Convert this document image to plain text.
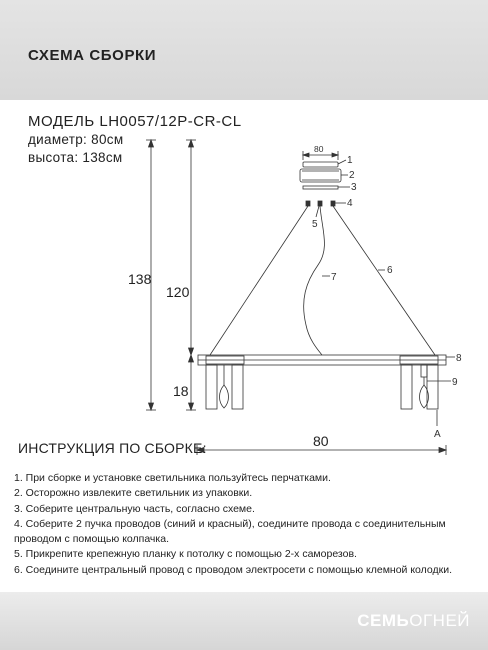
СХЕМА СБОРКИ
МОДЕЛЬ LH0057/12P-CR-CL
диаметр: 80см
высота: 138см
138
120
18
80
80
1
2
3
4
5
6
7
8
9
A
ИНСТРУКЦИЯ ПО СБОРКЕ:
1. При сборке и установке светильника пользуйтесь перчатками.
2. Осторожно извлеките светильник из упаковки.
3. Соберите центральную часть, согласно схеме.
4. Соберите 2 пучка проводов (синий и красный), соедините провода с соединительным
проводом с помощью колпачка.
5. Прикрепите крепежную планку к потолку с помощью 2-х саморезов.
6. Соедините центральный провод с проводом электросети с помощью клемной колодки.
СЕМЬОГНЕЙ
